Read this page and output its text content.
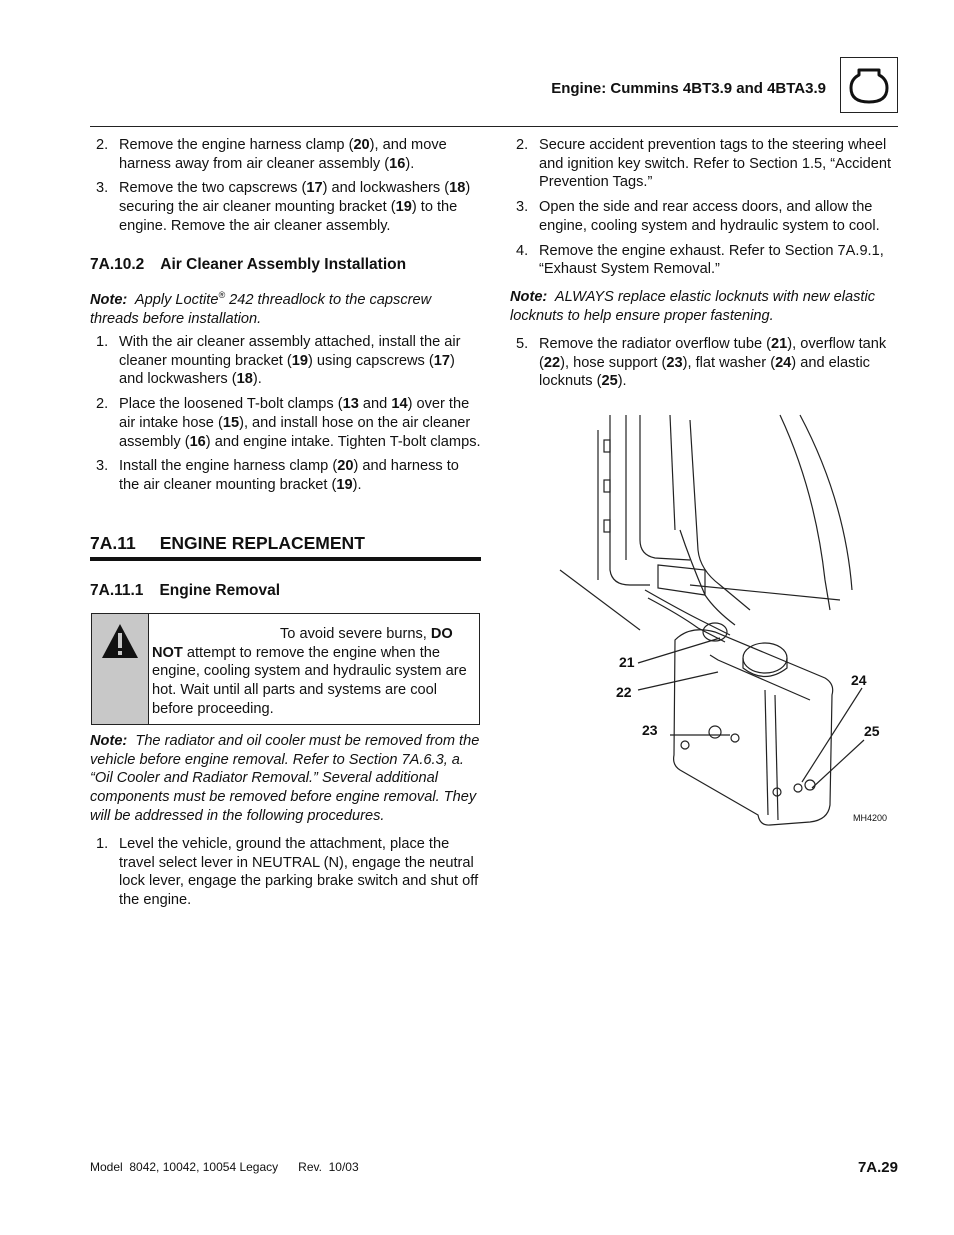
Engine: Cummins 4BT3.9 and 4BTA3.9
2. Remove the engine harness clamp (20), and move harness away from air cleaner assembly (16).
3. Remove the two capscrews (17) and lockwashers (18) securing the air cleaner mounting bracket (19) to the engine. Remove the air cleaner assembly.
7A.10.2 Air Cleaner Assembly Installation
Note: Apply Loctite® 242 threadlock to the capscrew threads before installation.
1. With the air cleaner assembly attached, install the air cleaner mounting bracket (19) using capscrews (17) and lockwashers (18).
2. Place the loosened T-bolt clamps (13 and 14) over the air intake hose (15), and install hose on the air cleaner assembly (16) and engine intake. Tighten T-bolt clamps.
3. Install the engine harness clamp (20) and harness to the air cleaner mounting bracket (19).
7A.11 ENGINE REPLACEMENT
7A.11.1 Engine Removal
To avoid severe burns, DO NOT attempt to remove the engine when the engine, cooling system and hydraulic system are hot. Wait until all parts and systems are cool before proceeding.
Note: The radiator and oil cooler must be removed from the vehicle before engine removal. Refer to Section 7A.6.3, a. “Oil Cooler and Radiator Removal.” Several additional components must be removed before engine removal. They will be addressed in the following procedures.
1. Level the vehicle, ground the attachment, place the travel select lever in NEUTRAL (N), engage the neutral lock lever, engage the parking brake switch and shut off the engine.
2. Secure accident prevention tags to the steering wheel and ignition key switch. Refer to Section 1.5, “Accident Prevention Tags.”
3. Open the side and rear access doors, and allow the engine, cooling system and hydraulic system to cool.
4. Remove the engine exhaust. Refer to Section 7A.9.1, “Exhaust System Removal.”
Note: ALWAYS replace elastic locknuts with new elastic locknuts to help ensure proper fastening.
5. Remove the radiator overflow tube (21), overflow tank (22), hose support (23), flat washer (24) and elastic locknuts (25).
21
22
23
24
25
MH4200
Model  8042, 10042, 10054 Legacy      Rev.  10/03	7A.29
